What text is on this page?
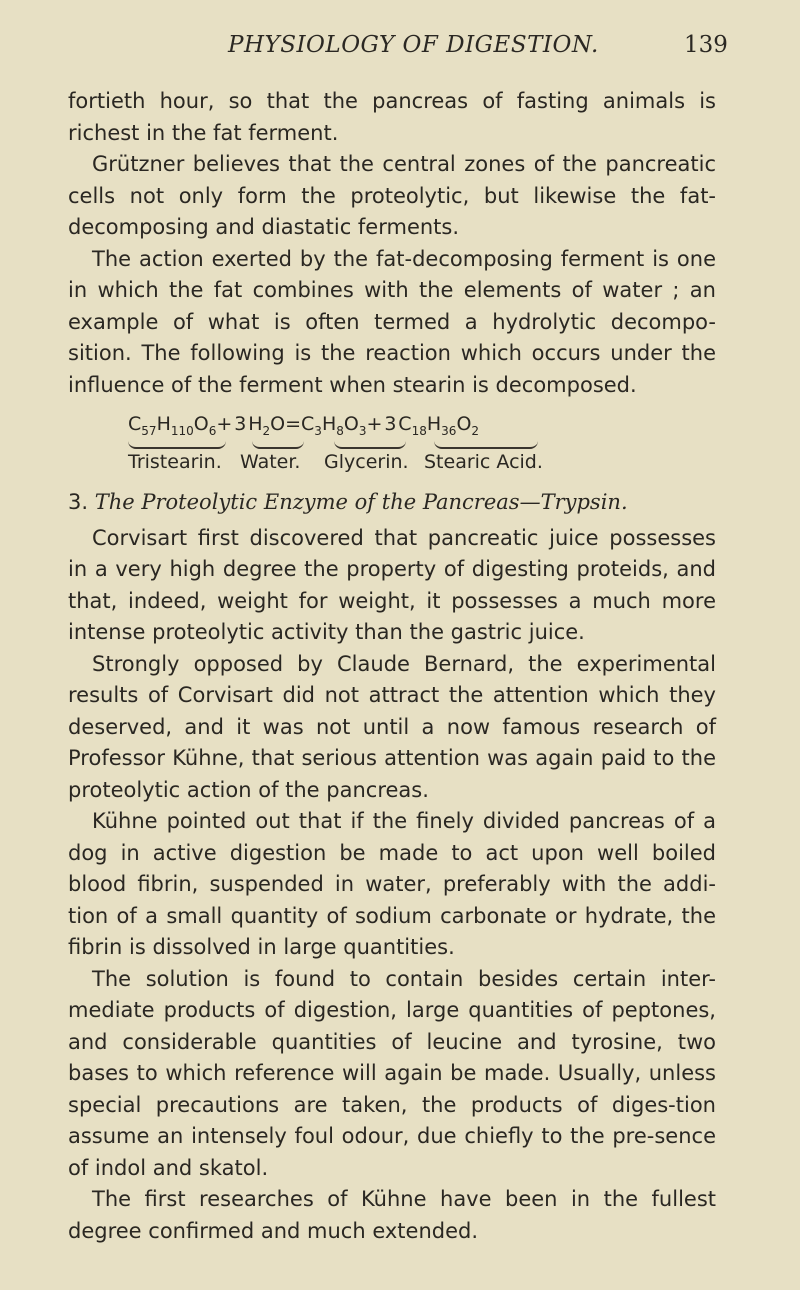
PHYSIOLOGY OF DIGESTION.	139

fortieth hour, so that the pancreas of fasting animals is richest in the fat ferment.

Grützner believes that the central zones of the pancreatic cells not only form the proteolytic, but likewise the fat-decomposing and diastatic ferments.

The action exerted by the fat-decomposing ferment is one in which the fat combines with the elements of water ; an example of what is often termed a hydrolytic decompo-sition. The following is the reaction which occurs under the influence of the ferment when stearin is decomposed.

$C_{57}H_{110}O_6+$  3 $H_2O=C_3H_8O_3+$  3 $C_{18}H_{36}O_2$
Tristearin. Water. Glycerin. Stearic Acid.

3. The Proteolytic Enzyme of the Pancreas—Trypsin.

Corvisart first discovered that pancreatic juice possesses in a very high degree the property of digesting proteids, and that, indeed, weight for weight, it possesses a much more intense proteolytic activity than the gastric juice.

Strongly opposed by Claude Bernard, the experimental results of Corvisart did not attract the attention which they deserved, and it was not until a now famous research of Professor Kühne, that serious attention was again paid to the proteolytic action of the pancreas.

Kühne pointed out that if the finely divided pancreas of a dog in active digestion be made to act upon well boiled blood fibrin, suspended in water, preferably with the addi-tion of a small quantity of sodium carbonate or hydrate, the fibrin is dissolved in large quantities.

The solution is found to contain besides certain inter-mediate products of digestion, large quantities of peptones, and considerable quantities of leucine and tyrosine, two bases to which reference will again be made. Usually, unless special precautions are taken, the products of diges-tion assume an intensely foul odour, due chiefly to the pre-sence of indol and skatol.

The first researches of Kühne have been in the fullest degree confirmed and much extended.
